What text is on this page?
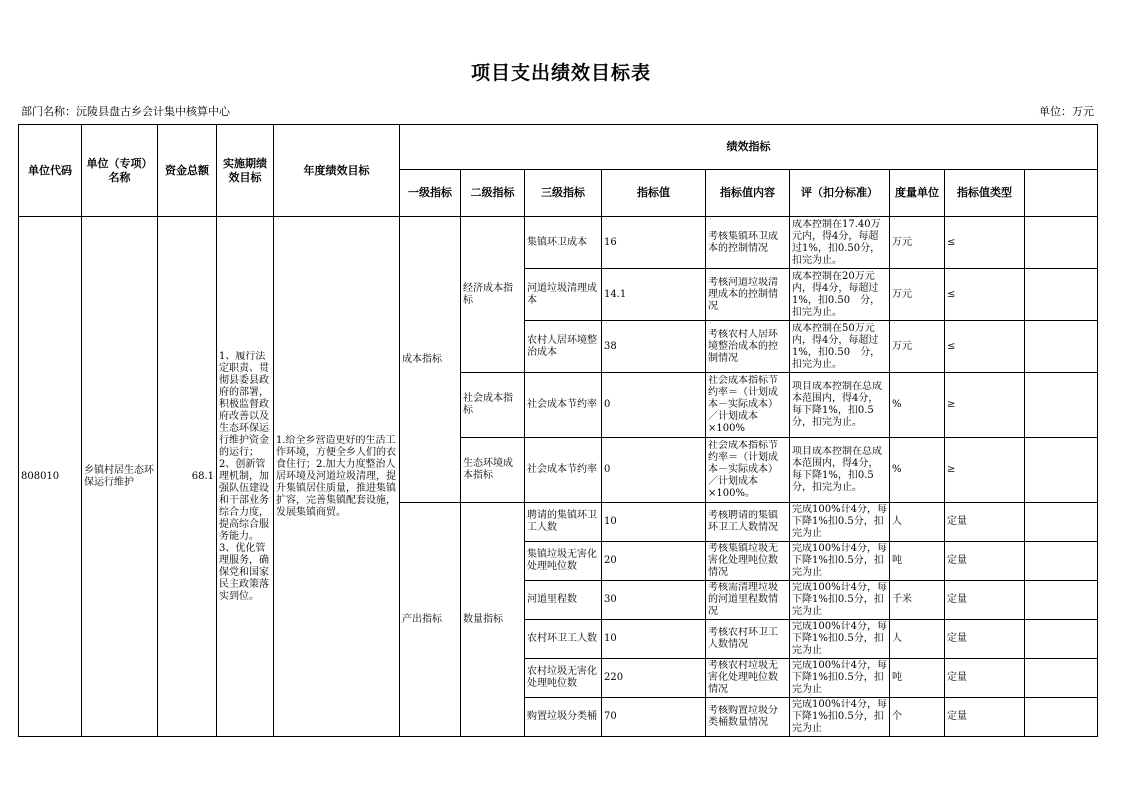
项目支出绩效目标表
部门名称：沅陵县盘古乡会计集中核算中心	单位：万元
单位代码	单位（专项）名称	资金总额	实施期绩效目标	年度绩效目标	绩效指标								
					一级指标	二级指标	三级指标	指标值	指标值内容	评（扣分标准）	度量单位	指标值类型	
808010	乡镇村居生态环保运行维护	68.1	1、履行法定职责、贯彻县委县政府的部署，积极监督政府改善以及生态环保运行维护资金的运行；2、创新管理机制，加强队伍建设和干部业务综合力度，提高综合服务能力。3、优化管理服务，确保党和国家民主政策落实到位。	1.给全乡营造更好的生活工作环境，方便全乡人们的衣食住行；2.加大力度整治人居环境及河道垃圾清理，提升集镇居住质量，推进集镇扩容，完善集镇配套设施，发展集镇商贸。	成本指标	经济成本指标	集镇环卫成本	16	考核集镇环卫成本的控制情况	成本控制在17.40万元内，得4分，每超过1%，扣0.50分，扣完为止。	万元	≤	
							河道垃圾清理成本	14.1	考核河道垃圾清理成本的控制情况	成本控制在20万元内，得4分，每超过1%，扣0.50　分，扣完为止。	万元	≤	
							农村人居环境整治成本	38	考核农村人居环境整治成本的控制情况	成本控制在50万元内，得4分，每超过1%，扣0.50　分，扣完为止。	万元	≤	
						社会成本指标	社会成本节约率	0	社会成本指标节约率＝（计划成本－实际成本）／计划成本×100%	项目成本控制在总成本范围内，得4分，每下降1%，扣0.5分，扣完为止。	%	≥	
						生态环境成本指标	社会成本节约率	0	社会成本指标节约率＝（计划成本－实际成本）／计划成本×100%。	项目成本控制在总成本范围内，得4分，每下降1%，扣0.5分，扣完为止。	%	≥	
					产出指标	数量指标	聘请的集镇环卫工人数	10	考核聘请的集镇环卫工人数情况	完成100%计4分，每下降1%扣0.5分，扣完为止	人	定量	
							集镇垃圾无害化处理吨位数	20	考核集镇垃圾无害化处理吨位数情况	完成100%计4分，每下降1%扣0.5分，扣完为止	吨	定量	
							河道里程数	30	考核需清理垃圾的河道里程数情况	完成100%计4分，每下降1%扣0.5分，扣完为止	千米	定量	
							农村环卫工人数	10	考核农村环卫工人数情况	完成100%计4分，每下降1%扣0.5分，扣完为止	人	定量	
							农村垃圾无害化处理吨位数	220	考核农村垃圾无害化处理吨位数情况	完成100%计4分，每下降1%扣0.5分，扣完为止	吨	定量	
							购置垃圾分类桶	70	考核购置垃圾分类桶数量情况	完成100%计4分，每下降1%扣0.5分，扣完为止	个	定量	
